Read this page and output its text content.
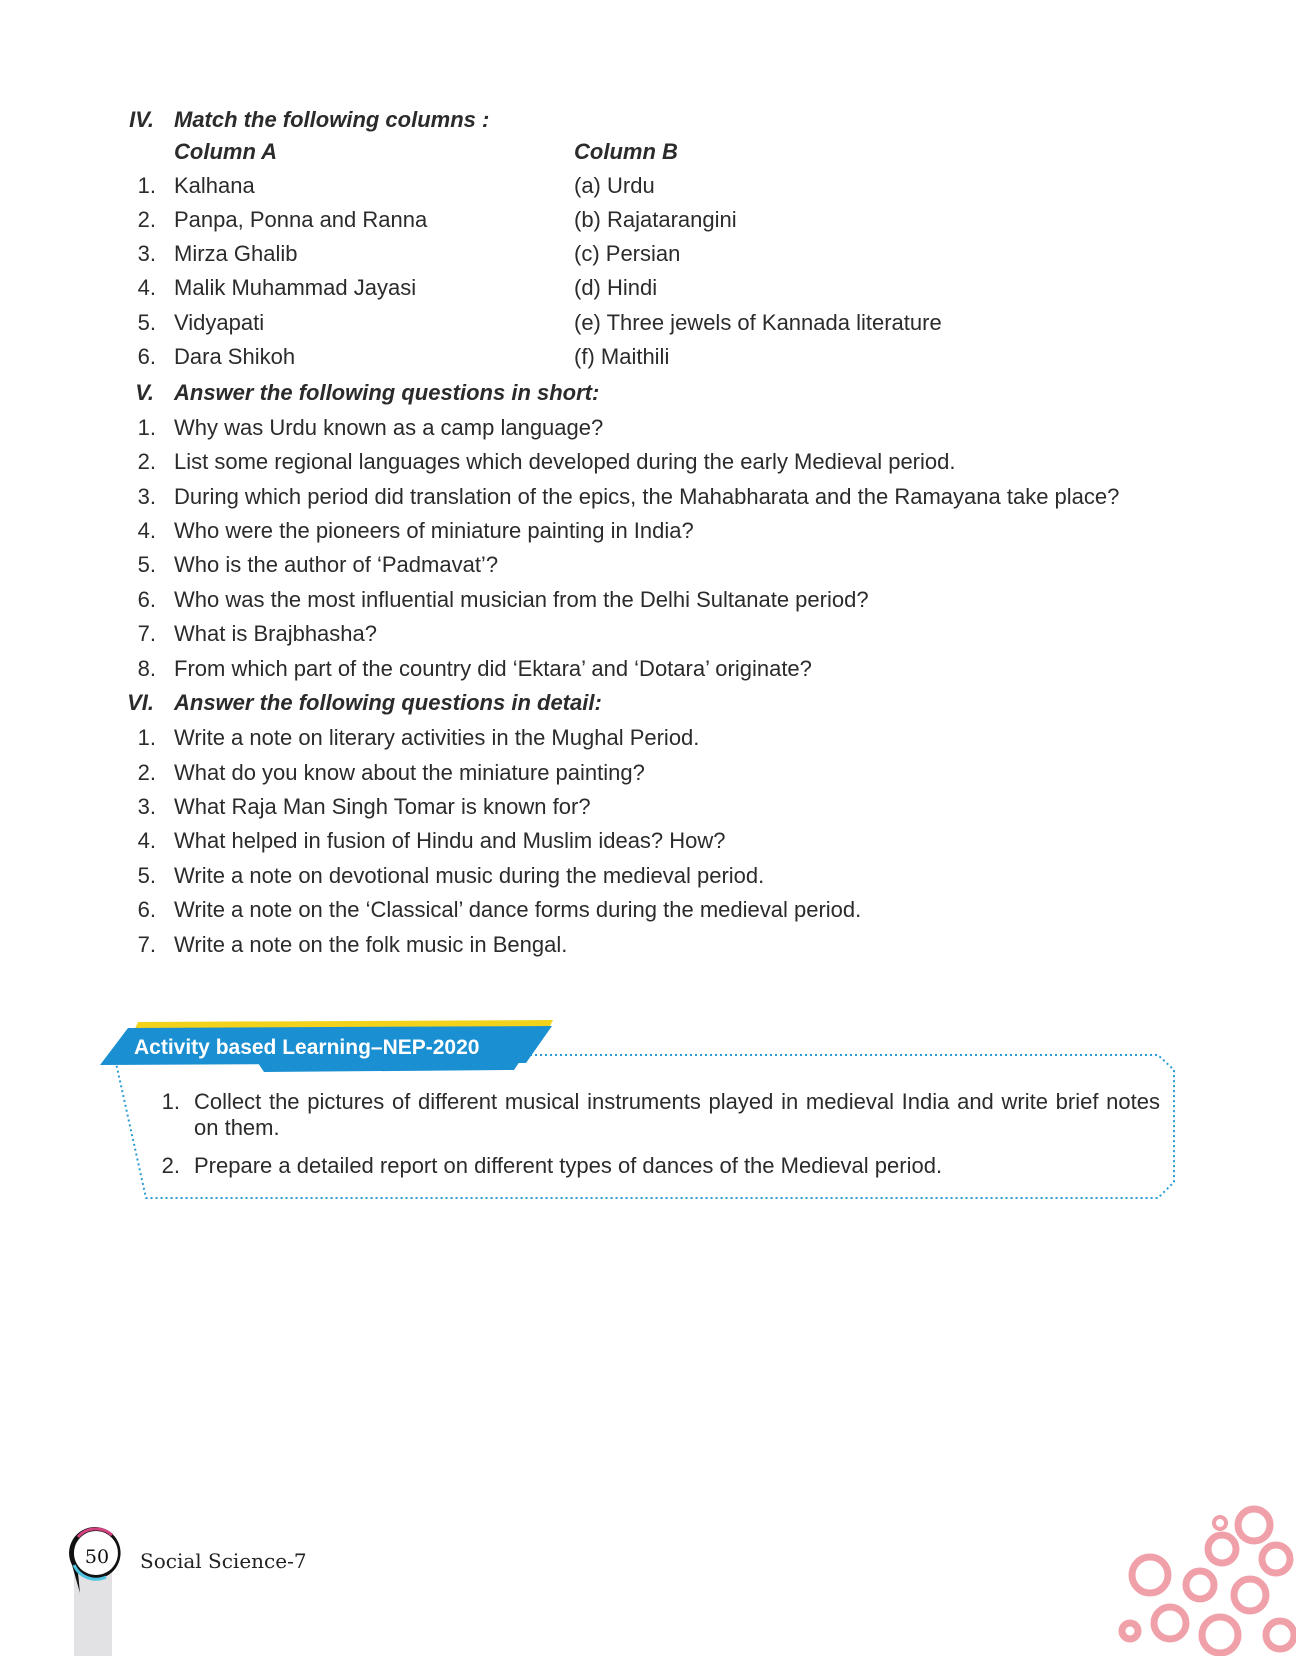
IV. Match the following columns :
Column A	Column B
1. Kalhana	(a) Urdu
2. Panpa, Ponna and Ranna	(b) Rajatarangini
3. Mirza Ghalib	(c) Persian
4. Malik Muhammad Jayasi	(d) Hindi
5. Vidyapati	(e) Three jewels of Kannada literature
6. Dara Shikoh	(f) Maithili
V. Answer the following questions in short:
1. Why was Urdu known as a camp language?
2. List some regional languages which developed during the early Medieval period.
3. During which period did translation of the epics, the Mahabharata and the Ramayana take place?
4. Who were the pioneers of miniature painting in India?
5. Who is the author of ‘Padmavat’?
6. Who was the most influential musician from the Delhi Sultanate period?
7. What is Brajbhasha?
8. From which part of the country did ‘Ektara’ and ‘Dotara’ originate?
VI. Answer the following questions in detail:
1. Write a note on literary activities in the Mughal Period.
2. What do you know about the miniature painting?
3. What Raja Man Singh Tomar is known for?
4. What helped in fusion of Hindu and Muslim ideas? How?
5. Write a note on devotional music during the medieval period.
6. Write a note on the ‘Classical’ dance forms during the medieval period.
7. Write a note on the folk music in Bengal.
Activity based Learning–NEP-2020
1. Collect the pictures of different musical instruments played in medieval India and write brief notes on them.
2. Prepare a detailed report on different types of dances of the Medieval period.
50	Social Science-7
